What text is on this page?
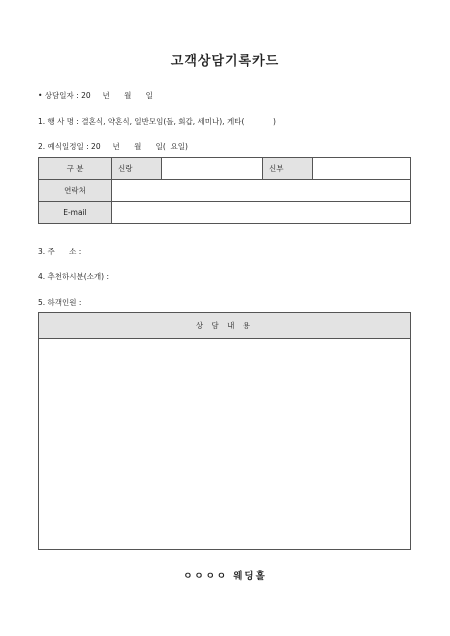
고객상담기록카드
• 상담일자 : 20     년      월      일
1. 행 사 명 : 결혼식, 약혼식, 일반모임(돌, 회갑, 세미나), 게타(            )
2. 예식일정일 : 20     년      월      일(  요일)
구 분	신랑		신부	
연락처				
E-mail				
3. 주      소 :
4. 추천하시분(소개) :
5. 하객인원 :
상 담 내 용
ㅇㅇㅇㅇ 웨딩홀
